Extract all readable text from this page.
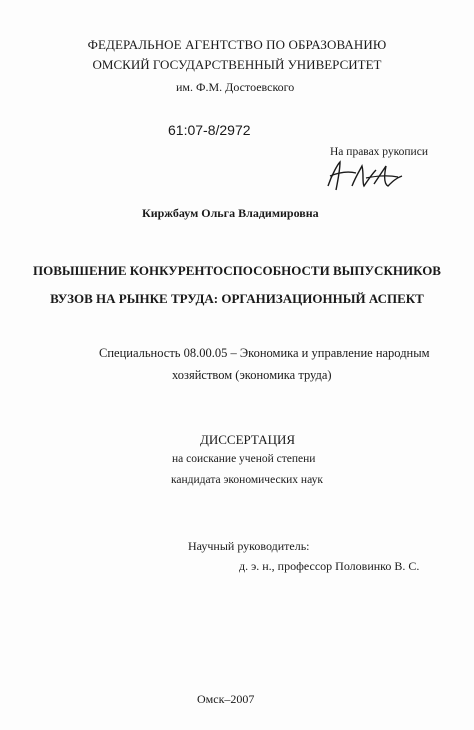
ФЕДЕРАЛЬНОЕ АГЕНТСТВО ПО ОБРАЗОВАНИЮ
ОМСКИЙ ГОСУДАРСТВЕННЫЙ УНИВЕРСИТЕТ
им. Ф.М. Достоевского
61:07-8/2972
На правах рукописи
Киржбаум Ольга Владимировна
ПОВЫШЕНИЕ КОНКУРЕНТОСПОСОБНОСТИ ВЫПУСКНИКОВ
ВУЗОВ НА РЫНКЕ ТРУДА: ОРГАНИЗАЦИОННЫЙ АСПЕКТ
Специальность 08.00.05 – Экономика и управление народным
хозяйством (экономика труда)
ДИССЕРТАЦИЯ
на соискание ученой степени
кандидата экономических наук
Научный руководитель:
д. э. н., профессор Половинко В. С.
Омск–2007
